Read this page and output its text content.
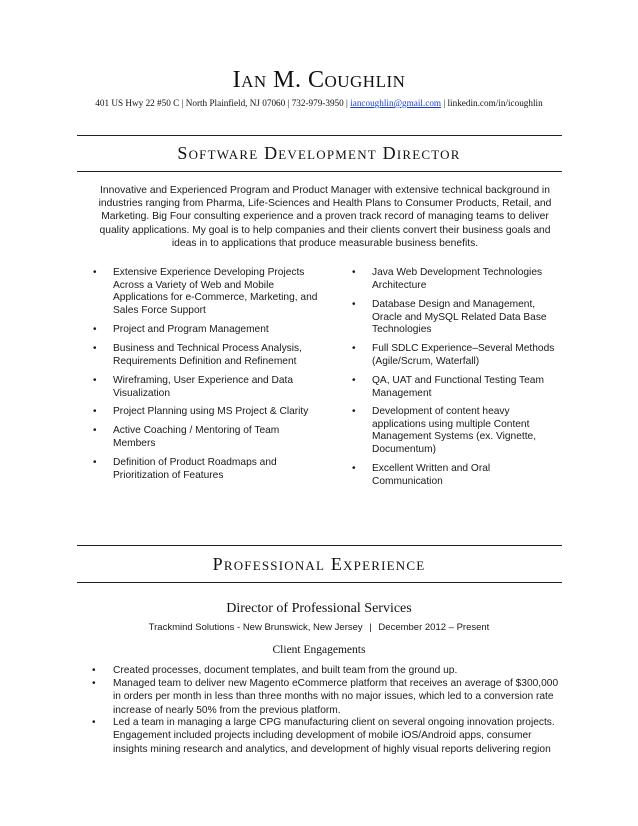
Ian M. Coughlin
401 US Hwy 22 #50 C | North Plainfield, NJ 07060 | 732-979-3950 | iancoughlin@gmail.com | linkedin.com/in/icoughlin
Software Development Director
Innovative and Experienced Program and Product Manager with extensive technical background in industries ranging from Pharma, Life-Sciences and Health Plans to Consumer Products, Retail, and Marketing. Big Four consulting experience and a proven track record of managing teams to deliver quality applications. My goal is to help companies and their clients convert their business goals and ideas in to applications that produce measurable business benefits.
• Extensive Experience Developing Projects Across a Variety of Web and Mobile Applications for e-Commerce, Marketing, and Sales Force Support
• Project and Program Management
• Business and Technical Process Analysis, Requirements Definition and Refinement
• Wireframing, User Experience and Data Visualization
• Project Planning using MS Project & Clarity
• Active Coaching / Mentoring of Team Members
• Definition of Product Roadmaps and Prioritization of Features
• Java Web Development Technologies Architecture
• Database Design and Management, Oracle and MySQL Related Data Base Technologies
• Full SDLC Experience–Several Methods (Agile/Scrum, Waterfall)
• QA, UAT and Functional Testing Team Management
• Development of content heavy applications using multiple Content Management Systems (ex. Vignette, Documentum)
• Excellent Written and Oral Communication
Professional Experience
Director of Professional Services
Trackmind Solutions - New Brunswick, New Jersey | December 2012 – Present
Client Engagements
• Created processes, document templates, and built team from the ground up.
• Managed team to deliver new Magento eCommerce platform that receives an average of $300,000 in orders per month in less than three months with no major issues, which led to a conversion rate increase of nearly 50% from the previous platform.
• Led a team in managing a large CPG manufacturing client on several ongoing innovation projects. Engagement included projects including development of mobile iOS/Android apps, consumer insights mining research and analytics, and development of highly visual reports delivering region
